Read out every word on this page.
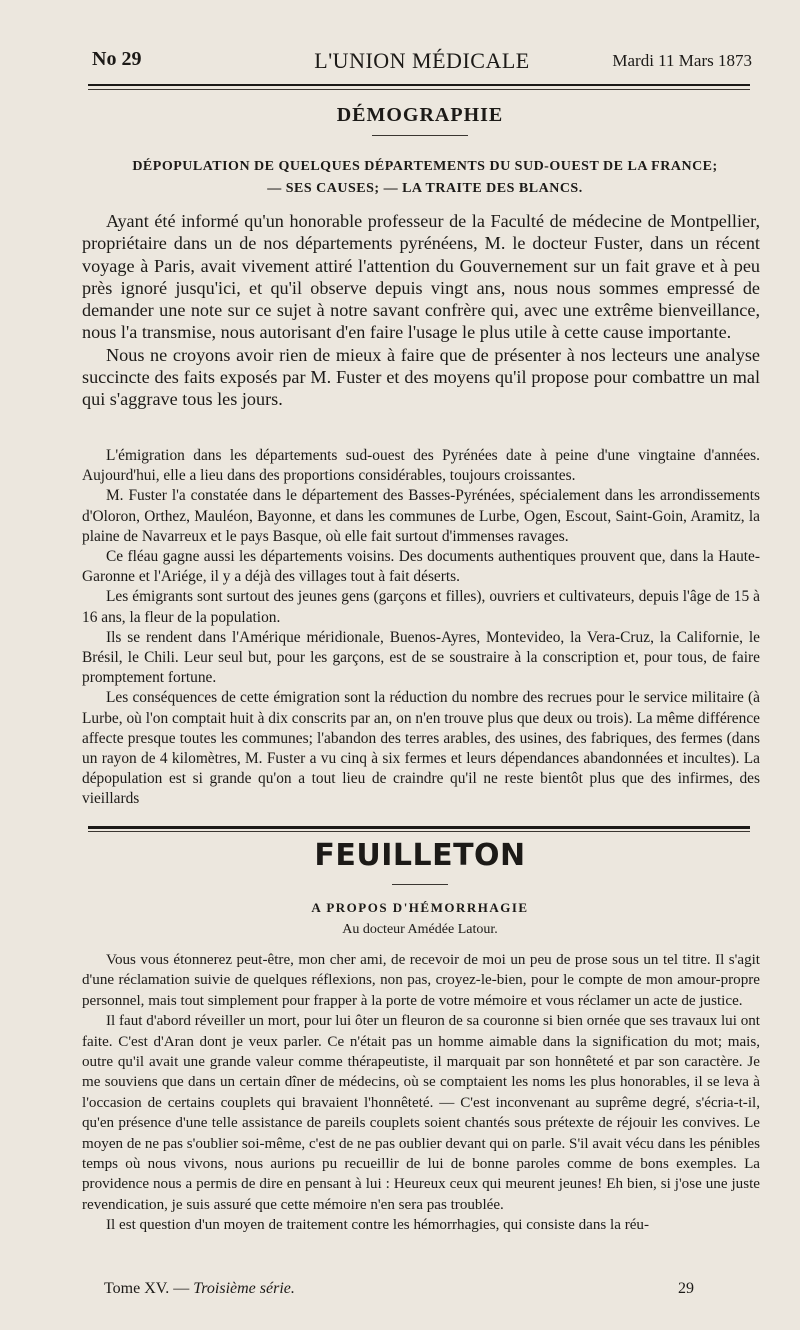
No 29	L'UNION MÉDICALE	Mardi 11 Mars 1873
DÉMOGRAPHIE
DÉPOPULATION DE QUELQUES DÉPARTEMENTS DU SUD-OUEST DE LA FRANCE;
— SES CAUSES; — LA TRAITE DES BLANCS.

Ayant été informé qu'un honorable professeur de la Faculté de médecine de Montpellier, propriétaire dans un de nos départements pyrénéens, M. le docteur Fuster, dans un récent voyage à Paris, avait vivement attiré l'attention du Gouvernement sur un fait grave et à peu près ignoré jusqu'ici, et qu'il observe depuis vingt ans, nous nous sommes empressé de demander une note sur ce sujet à notre savant confrère qui, avec une extrême bienveillance, nous l'a transmise, nous autorisant d'en faire l'usage le plus utile à cette cause importante.

Nous ne croyons avoir rien de mieux à faire que de présenter à nos lecteurs une analyse succincte des faits exposés par M. Fuster et des moyens qu'il propose pour combattre un mal qui s'aggrave tous les jours.

L'émigration dans les départements sud-ouest des Pyrénées date à peine d'une vingtaine d'années. Aujourd'hui, elle a lieu dans des proportions considérables, toujours croissantes.

M. Fuster l'a constatée dans le département des Basses-Pyrénées, spécialement dans les arrondissements d'Oloron, Orthez, Mauléon, Bayonne, et dans les communes de Lurbe, Ogen, Escout, Saint-Goin, Aramitz, la plaine de Navarreux et le pays Basque, où elle fait surtout d'immenses ravages.

Ce fléau gagne aussi les départements voisins. Des documents authentiques prouvent que, dans la Haute-Garonne et l'Ariége, il y a déjà des villages tout à fait déserts.

Les émigrants sont surtout des jeunes gens (garçons et filles), ouvriers et cultivateurs, depuis l'âge de 15 à 16 ans, la fleur de la population.

Ils se rendent dans l'Amérique méridionale, Buenos-Ayres, Montevideo, la Vera-Cruz, la Californie, le Brésil, le Chili. Leur seul but, pour les garçons, est de se soustraire à la conscription et, pour tous, de faire promptement fortune.

Les conséquences de cette émigration sont la réduction du nombre des recrues pour le service militaire (à Lurbe, où l'on comptait huit à dix conscrits par an, on n'en trouve plus que deux ou trois). La même différence affecte presque toutes les communes; l'abandon des terres arables, des usines, des fabriques, des fermes (dans un rayon de 4 kilomètres, M. Fuster a vu cinq à six fermes et leurs dépendances abandonnées et incultes). La dépopulation est si grande qu'on a tout lieu de craindre qu'il ne reste bientôt plus que des infirmes, des vieillards

FEUILLETON
A PROPOS D'HÉMORRHAGIE
Au docteur Amédée Latour.

Vous vous étonnerez peut-être, mon cher ami, de recevoir de moi un peu de prose sous un tel titre. Il s'agit d'une réclamation suivie de quelques réflexions, non pas, croyez-le-bien, pour le compte de mon amour-propre personnel, mais tout simplement pour frapper à la porte de votre mémoire et vous réclamer un acte de justice.

Il faut d'abord réveiller un mort, pour lui ôter un fleuron de sa couronne si bien ornée que ses travaux lui ont faite. C'est d'Aran dont je veux parler. Ce n'était pas un homme aimable dans la signification du mot; mais, outre qu'il avait une grande valeur comme thérapeutiste, il marquait par son honnêteté et par son caractère. Je me souviens que dans un certain dîner de médecins, où se comptaient les noms les plus honorables, il se leva à l'occasion de certains couplets qui bravaient l'honnêteté. — C'est inconvenant au suprême degré, s'écria-t-il, qu'en présence d'une telle assistance de pareils couplets soient chantés sous prétexte de réjouir les convives. Le moyen de ne pas s'oublier soi-même, c'est de ne pas oublier devant qui on parle. S'il avait vécu dans les pénibles temps où nous vivons, nous aurions pu recueillir de lui de bonne paroles comme de bons exemples. La providence nous a permis de dire en pensant à lui : Heureux ceux qui meurent jeunes! Eh bien, si j'ose une juste revendication, je suis assuré que cette mémoire n'en sera pas troublée.

Il est question d'un moyen de traitement contre les hémorrhagies, qui consiste dans la réu-

Tome XV. — Troisième série.	29
